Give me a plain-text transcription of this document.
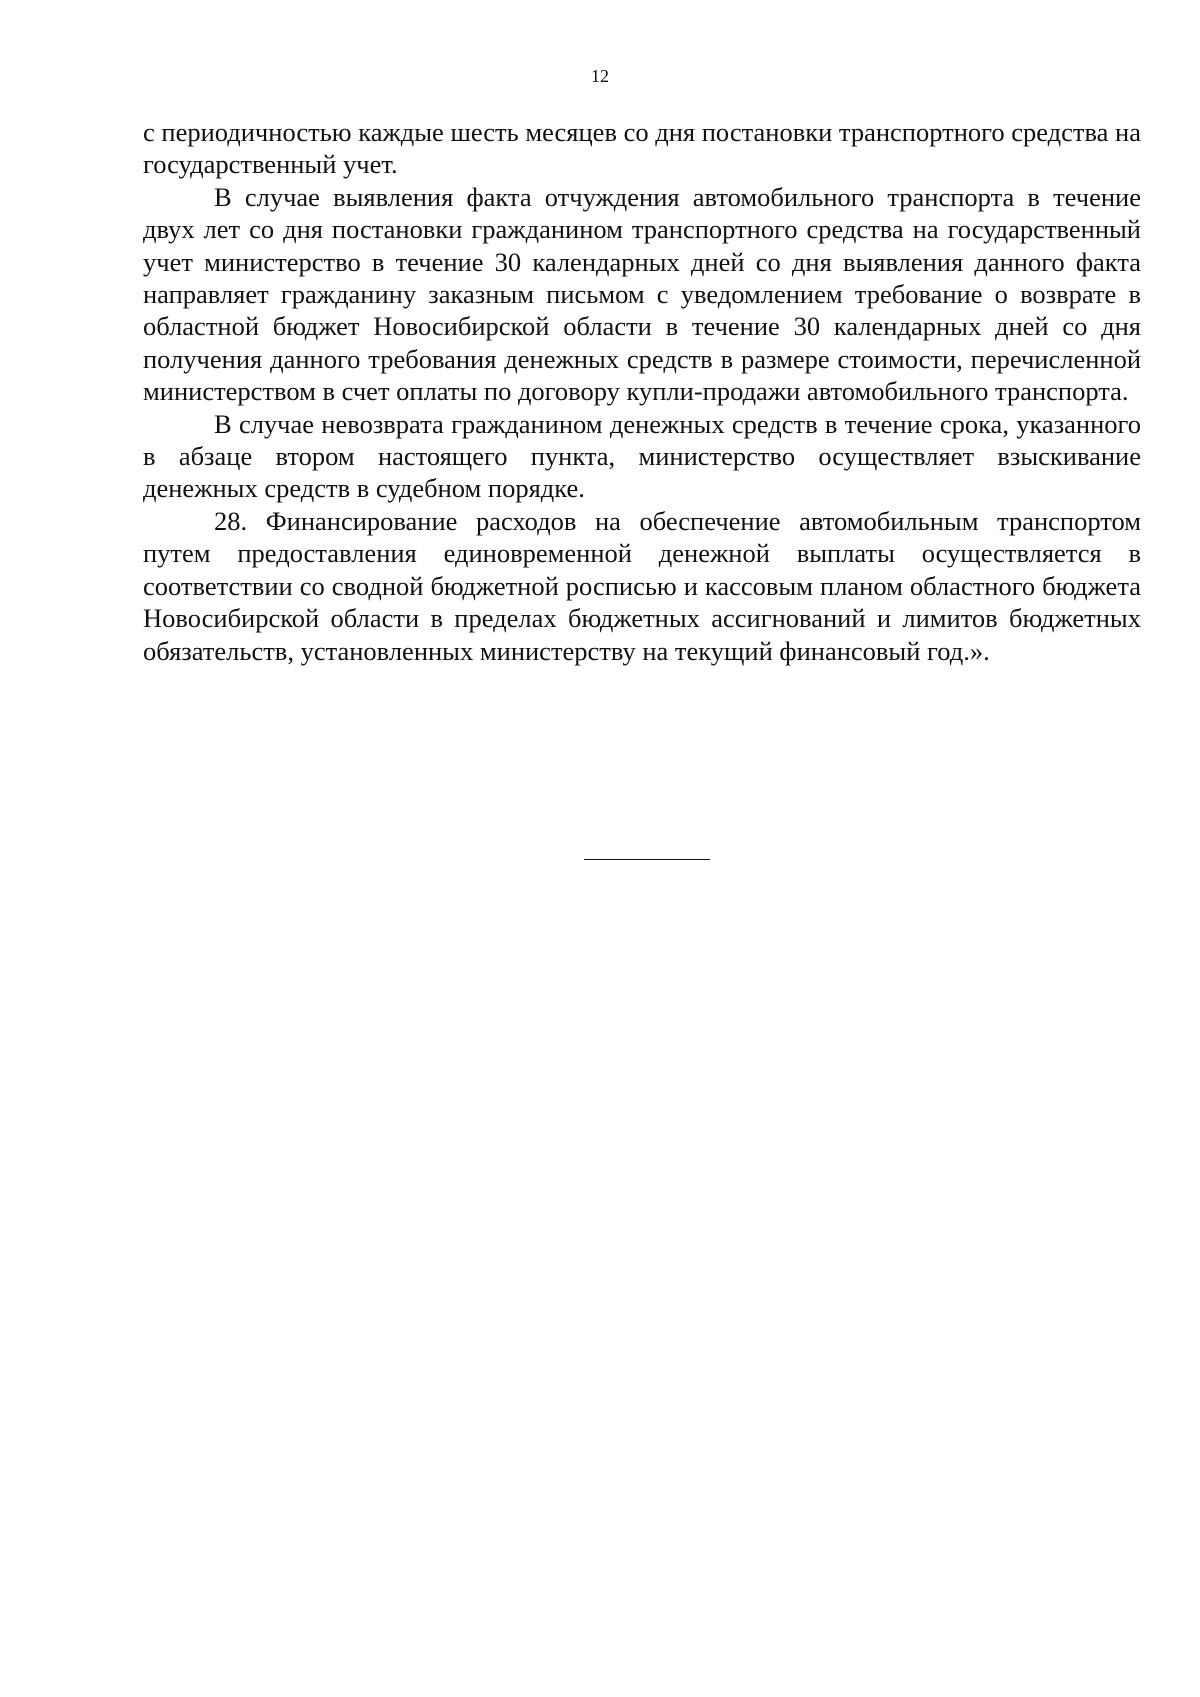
12

с периодичностью каждые шесть месяцев со дня постановки транспортного средства на государственный учет.

В случае выявления факта отчуждения автомобильного транспорта в течение двух лет со дня постановки гражданином транспортного средства на государственный учет министерство в течение 30 календарных дней со дня выявления данного факта направляет гражданину заказным письмом с уведомлением требование о возврате в областной бюджет Новосибирской области в течение 30 календарных дней со дня получения данного требования денежных средств в размере стоимости, перечисленной министерством в счет оплаты по договору купли-продажи автомобильного транспорта.

В случае невозврата гражданином денежных средств в течение срока, указанного в абзаце втором настоящего пункта, министерство осуществляет взыскивание денежных средств в судебном порядке.

28. Финансирование расходов на обеспечение автомобильным транспортом путем предоставления единовременной денежной выплаты осуществляется в соответствии со сводной бюджетной росписью и кассовым планом областного бюджета Новосибирской области в пределах бюджетных ассигнований и лимитов бюджетных обязательств, установленных министерству на текущий финансовый год.».
